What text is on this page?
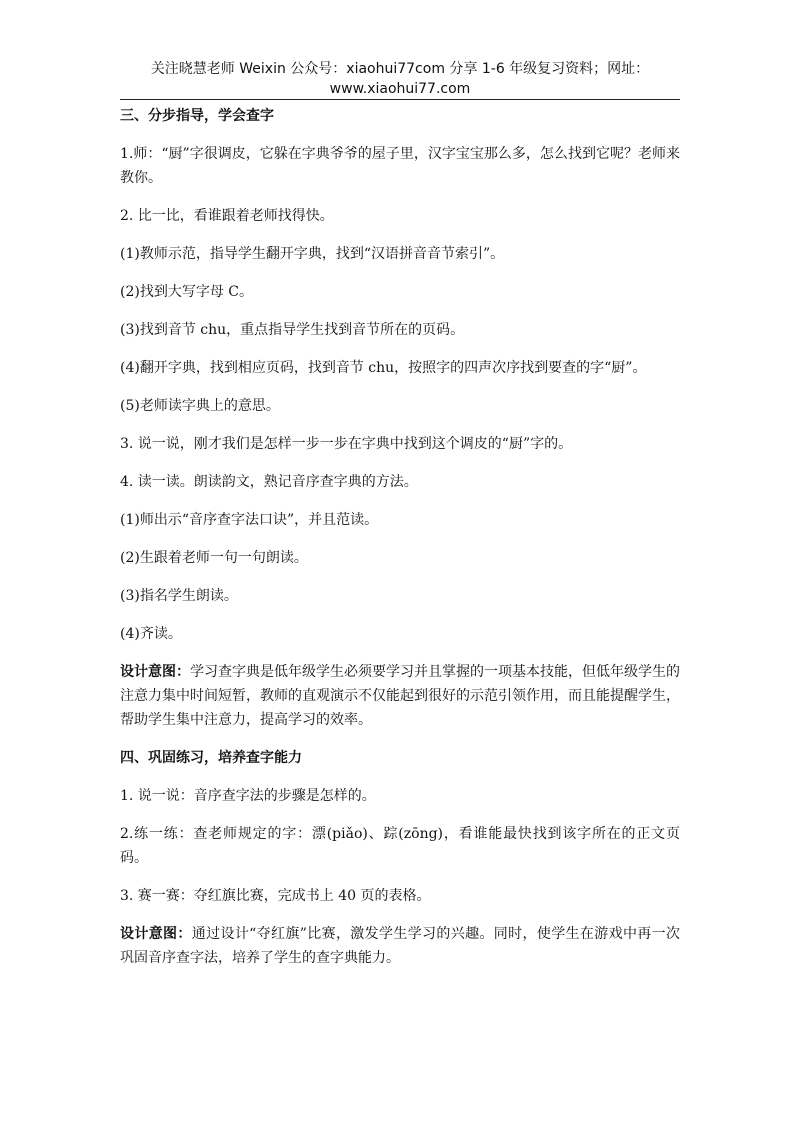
关注晓慧老师 Weixin 公众号：xiaohui77com 分享 1-6 年级复习资料；网址：
www.xiaohui77.com

三、分步指导，学会查字

1.师：“厨”字很调皮，它躲在字典爷爷的屋子里，汉字宝宝那么多，怎么找到它呢？老师来教你。

2. 比一比，看谁跟着老师找得快。

(1)教师示范，指导学生翻开字典，找到“汉语拼音音节索引”。

(2)找到大写字母 C。

(3)找到音节 chu，重点指导学生找到音节所在的页码。

(4)翻开字典，找到相应页码，找到音节 chu，按照字的四声次序找到要查的字“厨”。

(5)老师读字典上的意思。

3. 说一说，刚才我们是怎样一步一步在字典中找到这个调皮的“厨”字的。

4. 读一读。朗读韵文，熟记音序查字典的方法。

(1)师出示“音序查字法口诀”，并且范读。

(2)生跟着老师一句一句朗读。

(3)指名学生朗读。

(4)齐读。

设计意图：学习查字典是低年级学生必须要学习并且掌握的一项基本技能，但低年级学生的注意力集中时间短暂，教师的直观演示不仅能起到很好的示范引领作用，而且能提醒学生，帮助学生集中注意力，提高学习的效率。

四、巩固练习，培养查字能力

1. 说一说：音序查字法的步骤是怎样的。

2.练一练：查老师规定的字：漂(piǎo)、踪(zōng)，看谁能最快找到该字所在的正文页码。

3. 赛一赛：夺红旗比赛，完成书上 40 页的表格。

设计意图：通过设计“夺红旗”比赛，激发学生学习的兴趣。同时，使学生在游戏中再一次巩固音序查字法，培养了学生的查字典能力。
